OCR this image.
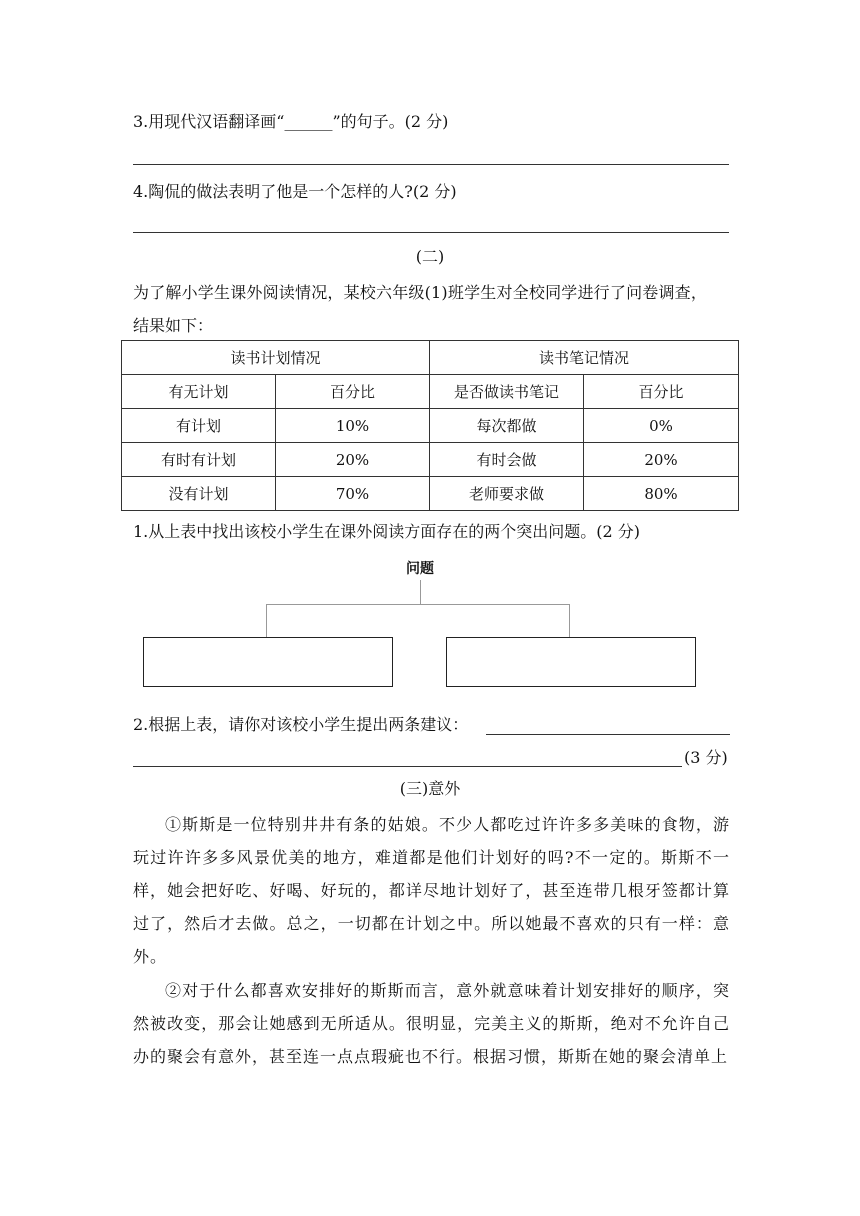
3.用现代汉语翻译画“______”的句子。(2 分)
4.陶侃的做法表明了他是一个怎样的人?(2 分)
(二)
为了解小学生课外阅读情况，某校六年级(1)班学生对全校同学进行了问卷调查，
结果如下：
读书计划情况		读书笔记情况	
有无计划	百分比	是否做读书笔记	百分比
有计划	10%	每次都做	0%
有时有计划	20%	有时会做	20%
没有计划	70%	老师要求做	80%
1.从上表中找出该校小学生在课外阅读方面存在的两个突出问题。(2 分)
问题
2.根据上表，请你对该校小学生提出两条建议：
(3 分)
(三)意外
①斯斯是一位特别井井有条的姑娘。不少人都吃过许许多多美味的食物，游玩过许许多多风景优美的地方，难道都是他们计划好的吗?不一定的。斯斯不一样，她会把好吃、好喝、好玩的，都详尽地计划好了，甚至连带几根牙签都计算过了，然后才去做。总之，一切都在计划之中。所以她最不喜欢的只有一样：意外。
②对于什么都喜欢安排好的斯斯而言，意外就意味着计划安排好的顺序，突然被改变，那会让她感到无所适从。很明显，完美主义的斯斯，绝对不允许自己办的聚会有意外，甚至连一点点瑕疵也不行。根据习惯，斯斯在她的聚会清单上
